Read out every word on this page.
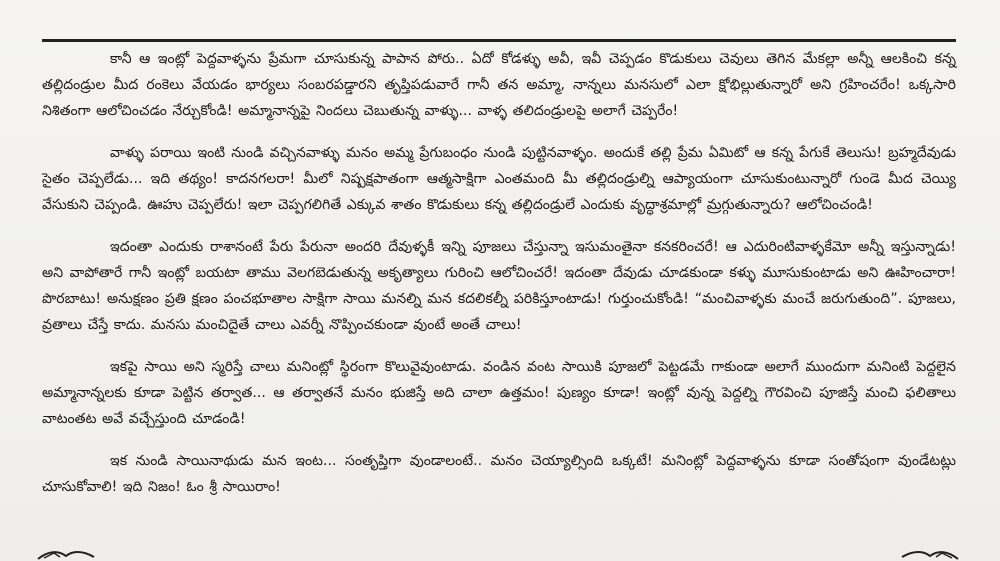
కానీ ఆ ఇంట్లో పెద్దవాళ్ళను ప్రేమగా చూసుకున్న పాపాన పోరు.. ఏదో కోడళ్ళు అవీ, ఇవీ చెప్పడం కొడుకులు చెవులు తెగిన మేకల్లా అన్నీ ఆలకించి కన్న తల్లిదండ్రుల మీద రంకెలు వేయడం భార్యలు సంబరపడ్డారని తృప్తిపడువారే గానీ తన అమ్మా, నాన్నలు మనసులో ఎలా క్షోభిల్లుతున్నారో అని గ్రహించరేం! ఒక్కసారి నిశితంగా ఆలోచించడం నేర్చుకోండి! అమ్మానాన్నపై నిందలు చెబుతున్న వాళ్ళు... వాళ్ళ తలిదండ్రులపై అలాగే చెప్పరేం!

వాళ్ళు పరాయి ఇంటి నుండి వచ్చినవాళ్ళు మనం అమ్మ ప్రేగుబంధం నుండి పుట్టినవాళ్ళం. అందుకే తల్లి ప్రేమ ఏమిటో ఆ కన్న పేగుకే తెలుసు! బ్రహ్మదేవుడు సైతం చెప్పలేడు... ఇది తథ్యం! కాదనగలరా! మీలో నిష్పక్షపాతంగా ఆత్మసాక్షిగా ఎంతమంది మీ తల్లిదండ్రుల్ని ఆప్యాయంగా చూసుకుంటున్నారో గుండె మీద చెయ్యి వేసుకుని చెప్పండి. ఊహు చెప్పలేరు! ఇలా చెప్పగలిగితే ఎక్కువ శాతం కొడుకులు కన్న తల్లిదండ్రులే ఎందుకు వృద్ధాశ్రమాల్లో మ్రగ్గుతున్నారు? ఆలోచించండి!

ఇదంతా ఎందుకు రాశానంటే పేరు పేరునా అందరి దేవుళ్ళకీ ఇన్ని పూజలు చేస్తున్నా ఇసుమంతైనా కనకరించరే! ఆ ఎదురింటివాళ్ళకేమో అన్నీ ఇస్తున్నాడు! అని వాపోతారే గానీ ఇంట్లో బయటా తాము వెలగబెడుతున్న అకృత్యాలు గురించి ఆలోచించరే! ఇదంతా దేవుడు చూడకుండా కళ్ళు మూసుకుంటాడు అని ఊహించారా! పొరబాటు! అనుక్షణం ప్రతి క్షణం పంచభూతాల సాక్షిగా సాయి మనల్ని మన కదలికల్నీ పరికిస్తూంటాడు! గుర్తుంచుకోండి! “మంచివాళ్ళకు మంచే జరుగుతుంది”. పూజలు, వ్రతాలు చేస్తే కాదు. మనసు మంచిదైతే చాలు ఎవర్నీ నొప్పించకుండా వుంటే అంతే చాలు!

ఇకపై సాయి అని స్మరిస్తే చాలు మనింట్లో స్థిరంగా కొలువైవుంటాడు. వండిన వంట సాయికి పూజలో పెట్టడమే గాకుండా అలాగే ముందుగా మనింటి పెద్దలైన అమ్మానాన్నలకు కూడా పెట్టిన తర్వాత... ఆ తర్వాతనే మనం భుజిస్తే అది చాలా ఉత్తమం! పుణ్యం కూడా! ఇంట్లో వున్న పెద్దల్ని గౌరవించి పూజిస్తే మంచి ఫలితాలు వాటంతట అవే వచ్చేస్తుంది చూడండి!

ఇక నుండి సాయినాథుడు మన ఇంట... సంతృప్తిగా వుండాలంటే.. మనం చెయ్యాల్సింది ఒక్కటే! మనింట్లో పెద్దవాళ్ళను కూడా సంతోషంగా వుండేటట్లు చూసుకోవాలి! ఇది నిజం! ఓం శ్రీ సాయిరాం!
